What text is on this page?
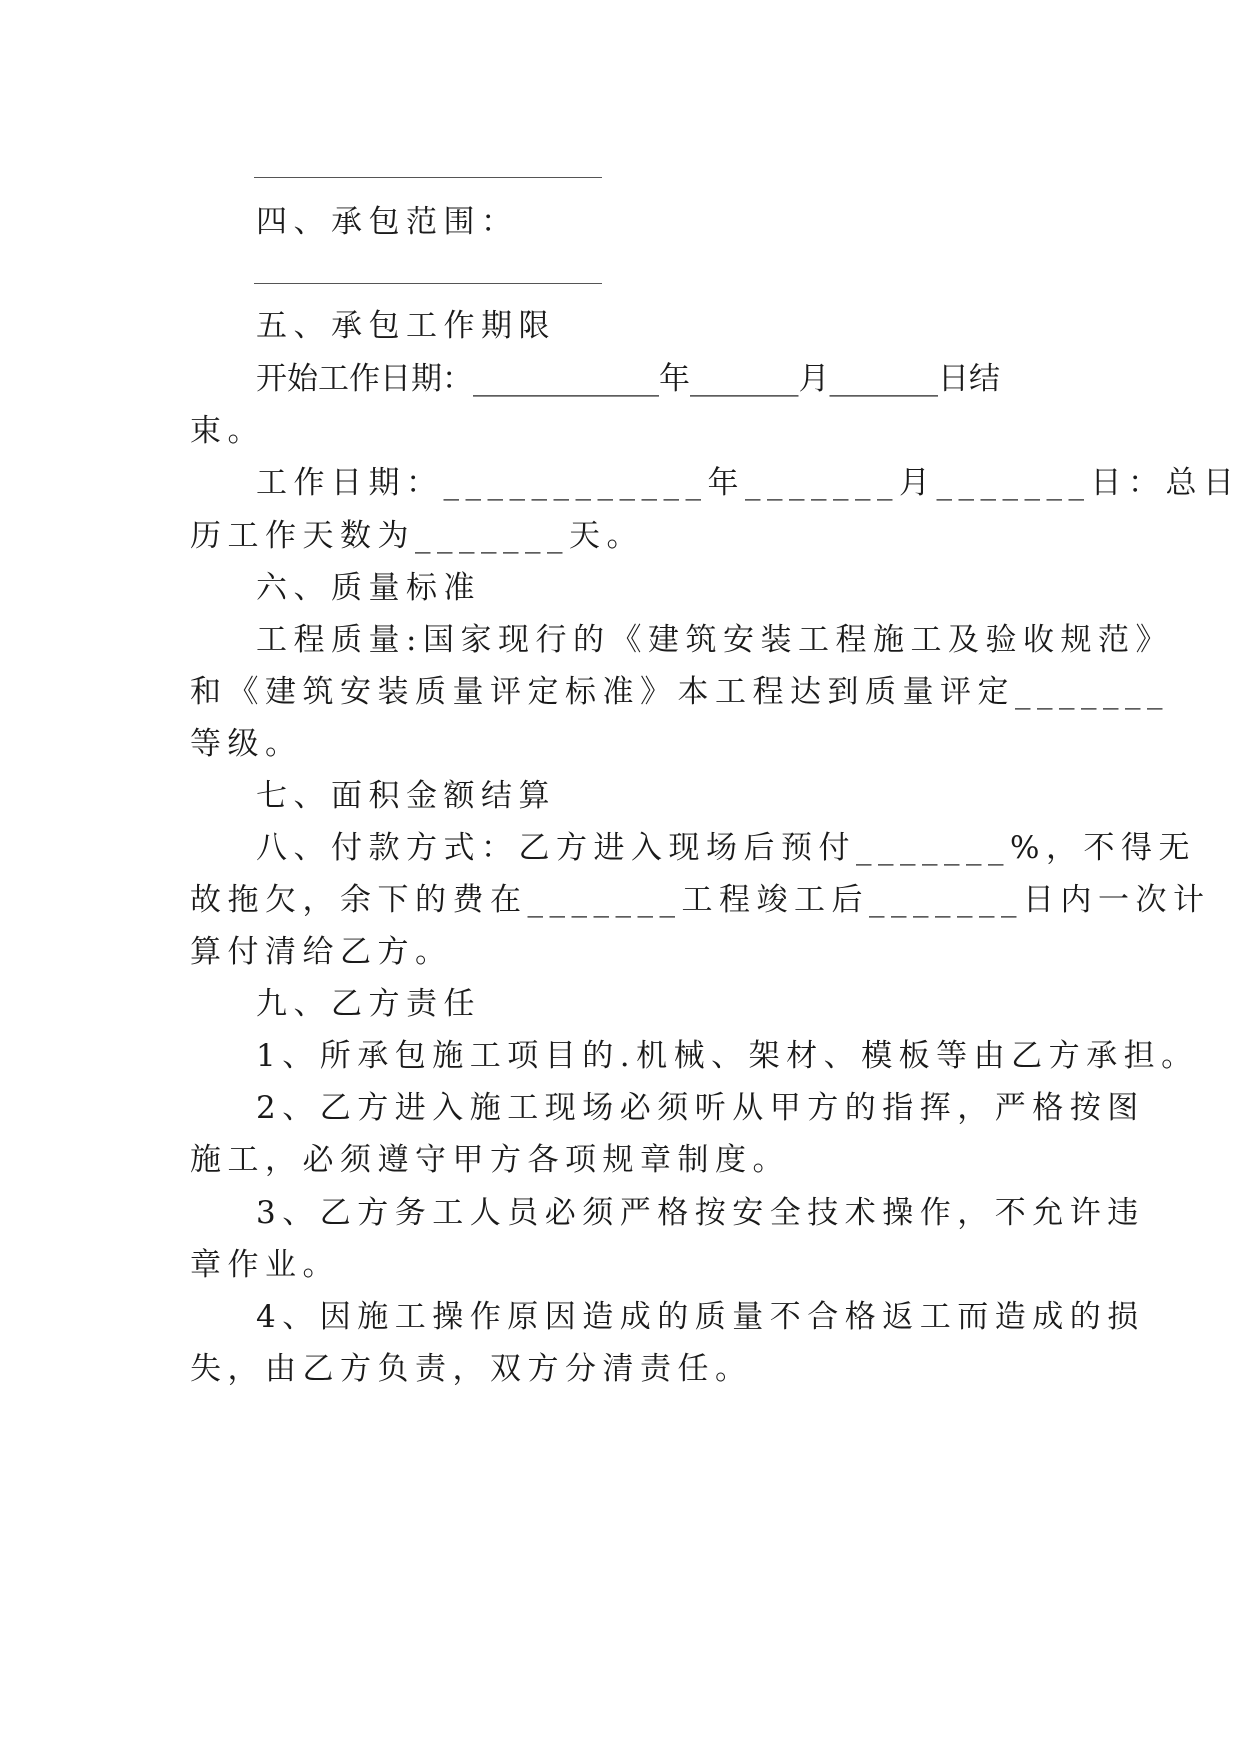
四、承包范围：
五、承包工作期限
开始工作日期：____________年_______月_______日结
束。
工作日期：____________年_______月_______日：总日
历工作天数为_______天。
六、质量标准
工程质量:国家现行的《建筑安装工程施工及验收规范》
和《建筑安装质量评定标准》本工程达到质量评定_______
等级。
七、面积金额结算
八、付款方式：乙方进入现场后预付_______%，不得无
故拖欠，余下的费在_______工程竣工后_______日内一次计
算付清给乙方。
九、乙方责任
1、所承包施工项目的.机械、架材、模板等由乙方承担。
2、乙方进入施工现场必须听从甲方的指挥，严格按图
施工，必须遵守甲方各项规章制度。
3、乙方务工人员必须严格按安全技术操作，不允许违
章作业。
4、因施工操作原因造成的质量不合格返工而造成的损
失，由乙方负责，双方分清责任。
